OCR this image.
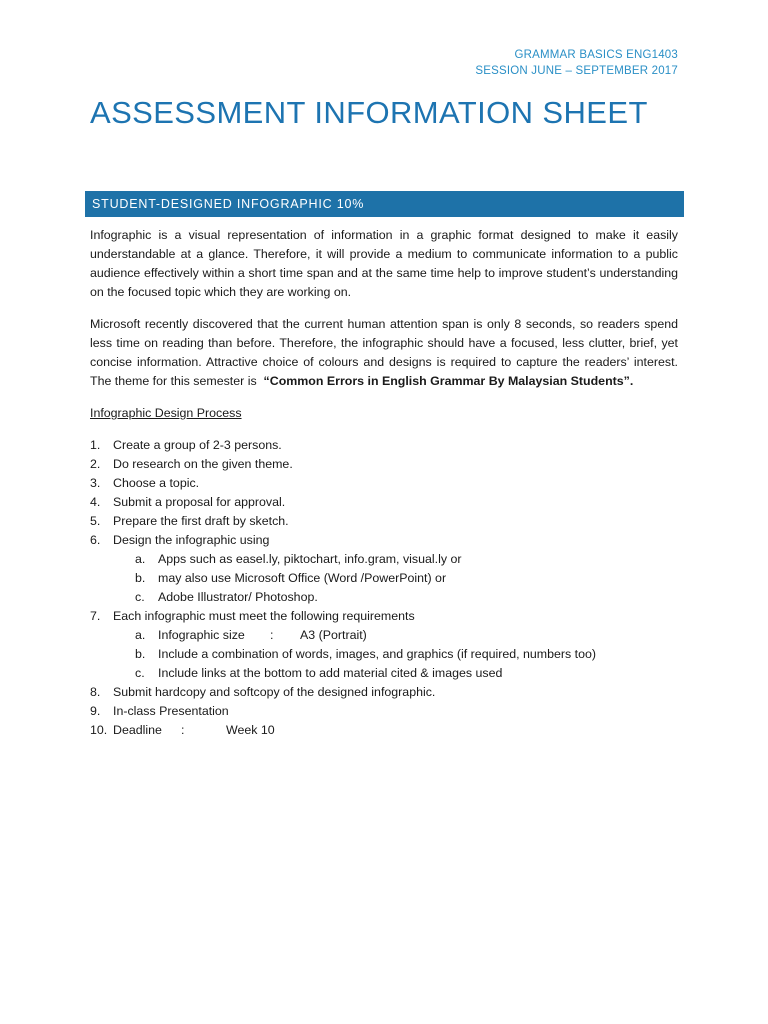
GRAMMAR BASICS ENG1403
SESSION JUNE – SEPTEMBER 2017
ASSESSMENT INFORMATION SHEET
STUDENT-DESIGNED INFOGRAPHIC 10%

Infographic is a visual representation of information in a graphic format designed to make it easily understandable at a glance. Therefore, it will provide a medium to communicate information to a public audience effectively within a short time span and at the same time help to improve student’s understanding on the focused topic which they are working on.

Microsoft recently discovered that the current human attention span is only 8 seconds, so readers spend less time on reading than before. Therefore, the infographic should have a focused, less clutter, brief, yet concise information. Attractive choice of colours and designs is required to capture the readers’ interest. The theme for this semester is “Common Errors in English Grammar By Malaysian Students”.

Infographic Design Process

1. Create a group of 2-3 persons.
2. Do research on the given theme.
3. Choose a topic.
4. Submit a proposal for approval.
5. Prepare the first draft by sketch.
6. Design the infographic using
a. Apps such as easel.ly, piktochart, info.gram, visual.ly or
b. may also use Microsoft Office (Word /PowerPoint) or
c. Adobe Illustrator/ Photoshop.
7. Each infographic must meet the following requirements
a. Infographic size : A3 (Portrait)
b. Include a combination of words, images, and graphics (if required, numbers too)
c. Include links at the bottom to add material cited & images used
8. Submit hardcopy and softcopy of the designed infographic.
9. In-class Presentation
10. Deadline :	Week 10
